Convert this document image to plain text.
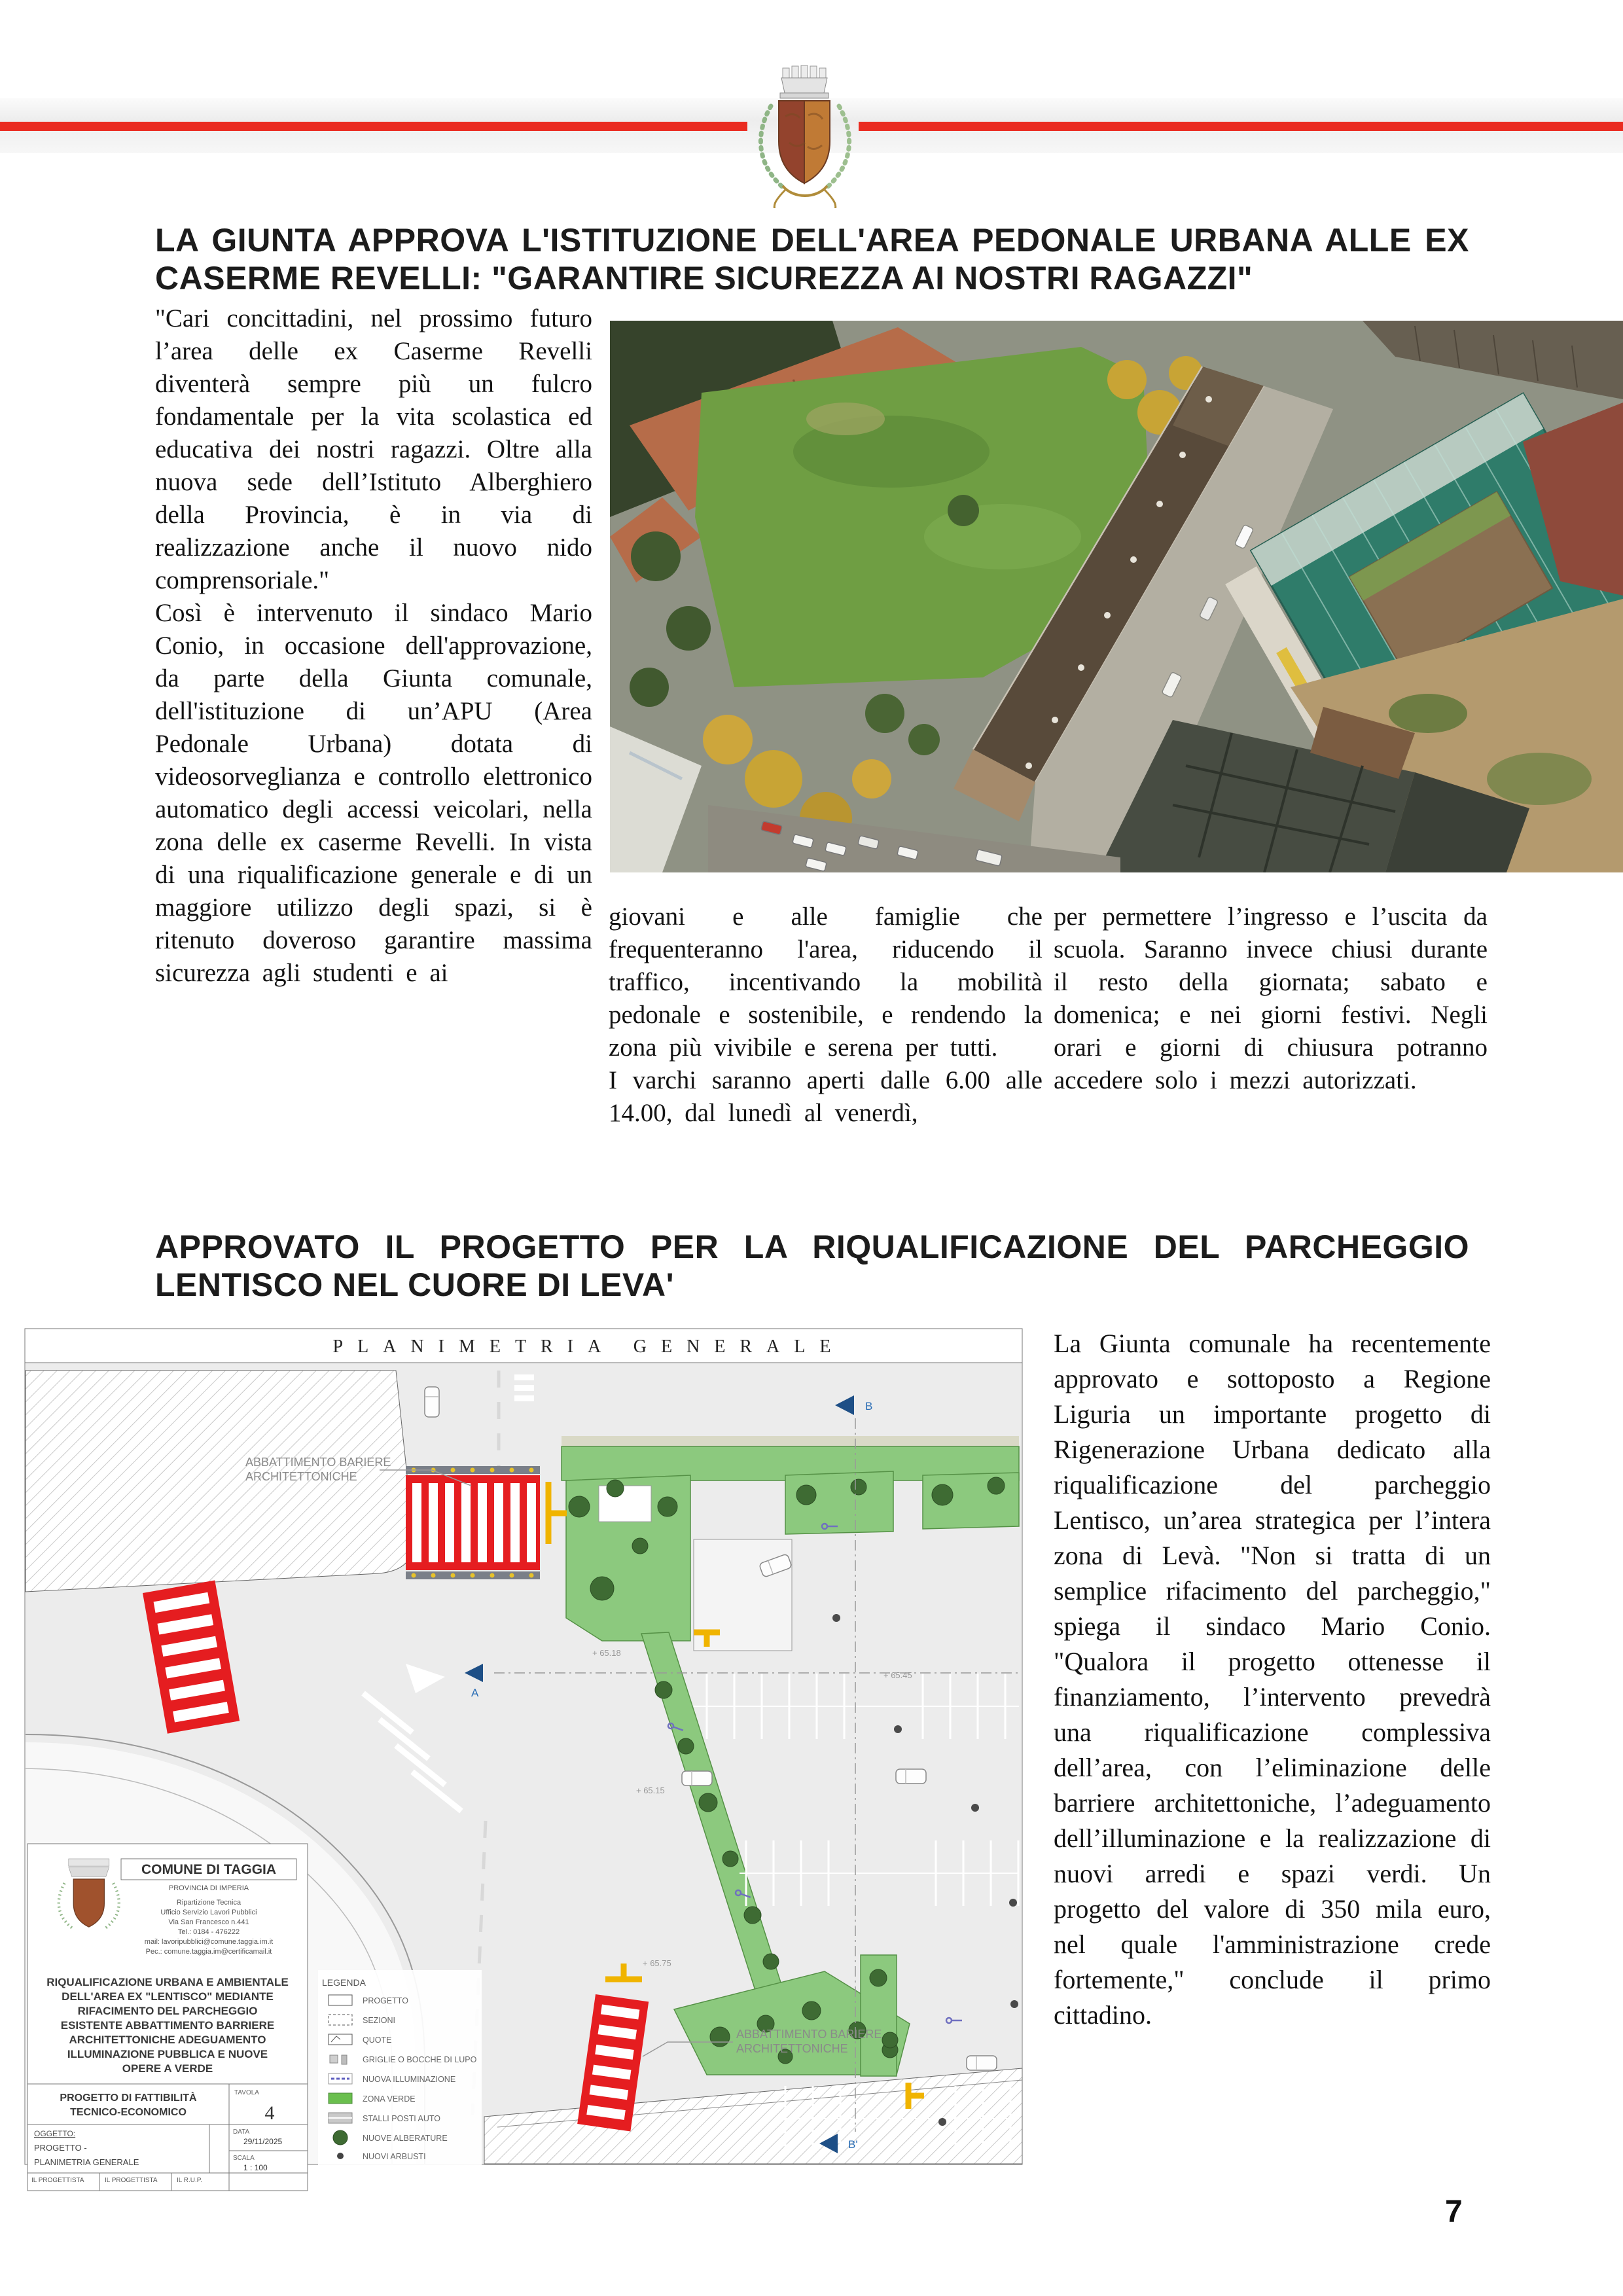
LA GIUNTA APPROVA L'ISTITUZIONE DELL'AREA PEDONALE URBANA ALLE EX CASERME REVELLI: "GARANTIRE SICUREZZA AI NOSTRI RAGAZZI"

"Cari concittadini, nel prossimo futuro l’area delle ex Caserme Revelli diventerà sempre più un fulcro fondamentale per la vita scolastica ed educativa dei nostri ragazzi. Oltre alla nuova sede dell’Istituto Alberghiero della Provincia, è in via di realizzazione anche il nuovo nido comprensoriale."

Così è intervenuto il sindaco Mario Conio, in occasione dell'approvazione, da parte della Giunta comunale, dell'istituzione di un’APU (Area Pedonale Urbana) dotata di videosorveglianza e controllo elettronico automatico degli accessi veicolari, nella zona delle ex caserme Revelli. In vista di una riqualificazione generale e di un maggiore utilizzo degli spazi, si è ritenuto doveroso garantire massima sicurezza agli studenti e ai

giovani e alle famiglie che frequenteranno l'area, riducendo il traffico, incentivando la mobilità pedonale e sostenibile, e rendendo la zona più vivibile e serena per tutti.

I varchi saranno aperti dalle 6.00 alle 14.00, dal lunedì al venerdì,

per permettere l’ingresso e l’uscita da scuola. Saranno invece chiusi durante il resto della giornata; sabato e domenica; e nei giorni festivi. Negli orari e giorni di chiusura potranno accedere solo i mezzi autorizzati.

APPROVATO IL PROGETTO PER LA RIQUALIFICAZIONE DEL PARCHEGGIO LENTISCO NEL CUORE DI LEVA'
PLANIMETRIA GENERALE
B
A
B'
+ 65.18
+ 65.15
+ 65.75
+ 65.45
ABBATTIMENTO BARIERE
ARCHITETTONICHE
ABBATTIMENTO BARIERE
ARCHITETTONICHE
LEGENDA
PROGETTO
SEZIONI
QUOTE
GRIGLIE O BOCCHE DI LUPO
NUOVA ILLUMINAZIONE
ZONA VERDE
STALLI POSTI AUTO
NUOVE ALBERATURE
NUOVI ARBUSTI
COMUNE DI TAGGIA
PROVINCIA DI IMPERIA
Ripartizione Tecnica
Ufficio Servizio Lavori Pubblici
Via San Francesco n.441
Tel.: 0184 - 476222
mail: lavoripubblici@comune.taggia.im.it
Pec.: comune.taggia.im@certificamail.it
RIQUALIFICAZIONE URBANA E AMBIENTALE
DELL'AREA EX "LENTISCO" MEDIANTE
RIFACIMENTO DEL PARCHEGGIO
ESISTENTE ABBATTIMENTO BARRIERE
ARCHITETTONICHE ADEGUAMENTO
ILLUMINAZIONE PUBBLICA E NUOVE
OPERE A VERDE
PROGETTO DI FATTIBILITÀ
TECNICO-ECONOMICO
TAVOLA
4
OGGETTO:
PROGETTO -
PLANIMETRIA GENERALE
IL PROGETTISTA	IL PROGETTISTA	IL R.U.P.
DATA
29/11/2025
SCALA
1 : 100

La Giunta comunale ha recentemente approvato e sottoposto a Regione Liguria un importante progetto di Rigenerazione Urbana dedicato alla riqualificazione del parcheggio Lentisco, un’area strategica per l’intera zona di Levà. "Non si tratta di un semplice rifacimento del parcheggio," spiega il sindaco Mario Conio. "Qualora il progetto ottenesse il finanziamento, l’intervento prevedrà una riqualificazione complessiva dell’area, con l’eliminazione delle barriere architettoniche, l’adeguamento dell’illuminazione e la realizzazione di nuovi arredi e spazi verdi. Un progetto del valore di 350 mila euro, nel quale l'amministrazione crede fortemente," conclude il primo cittadino.

7
